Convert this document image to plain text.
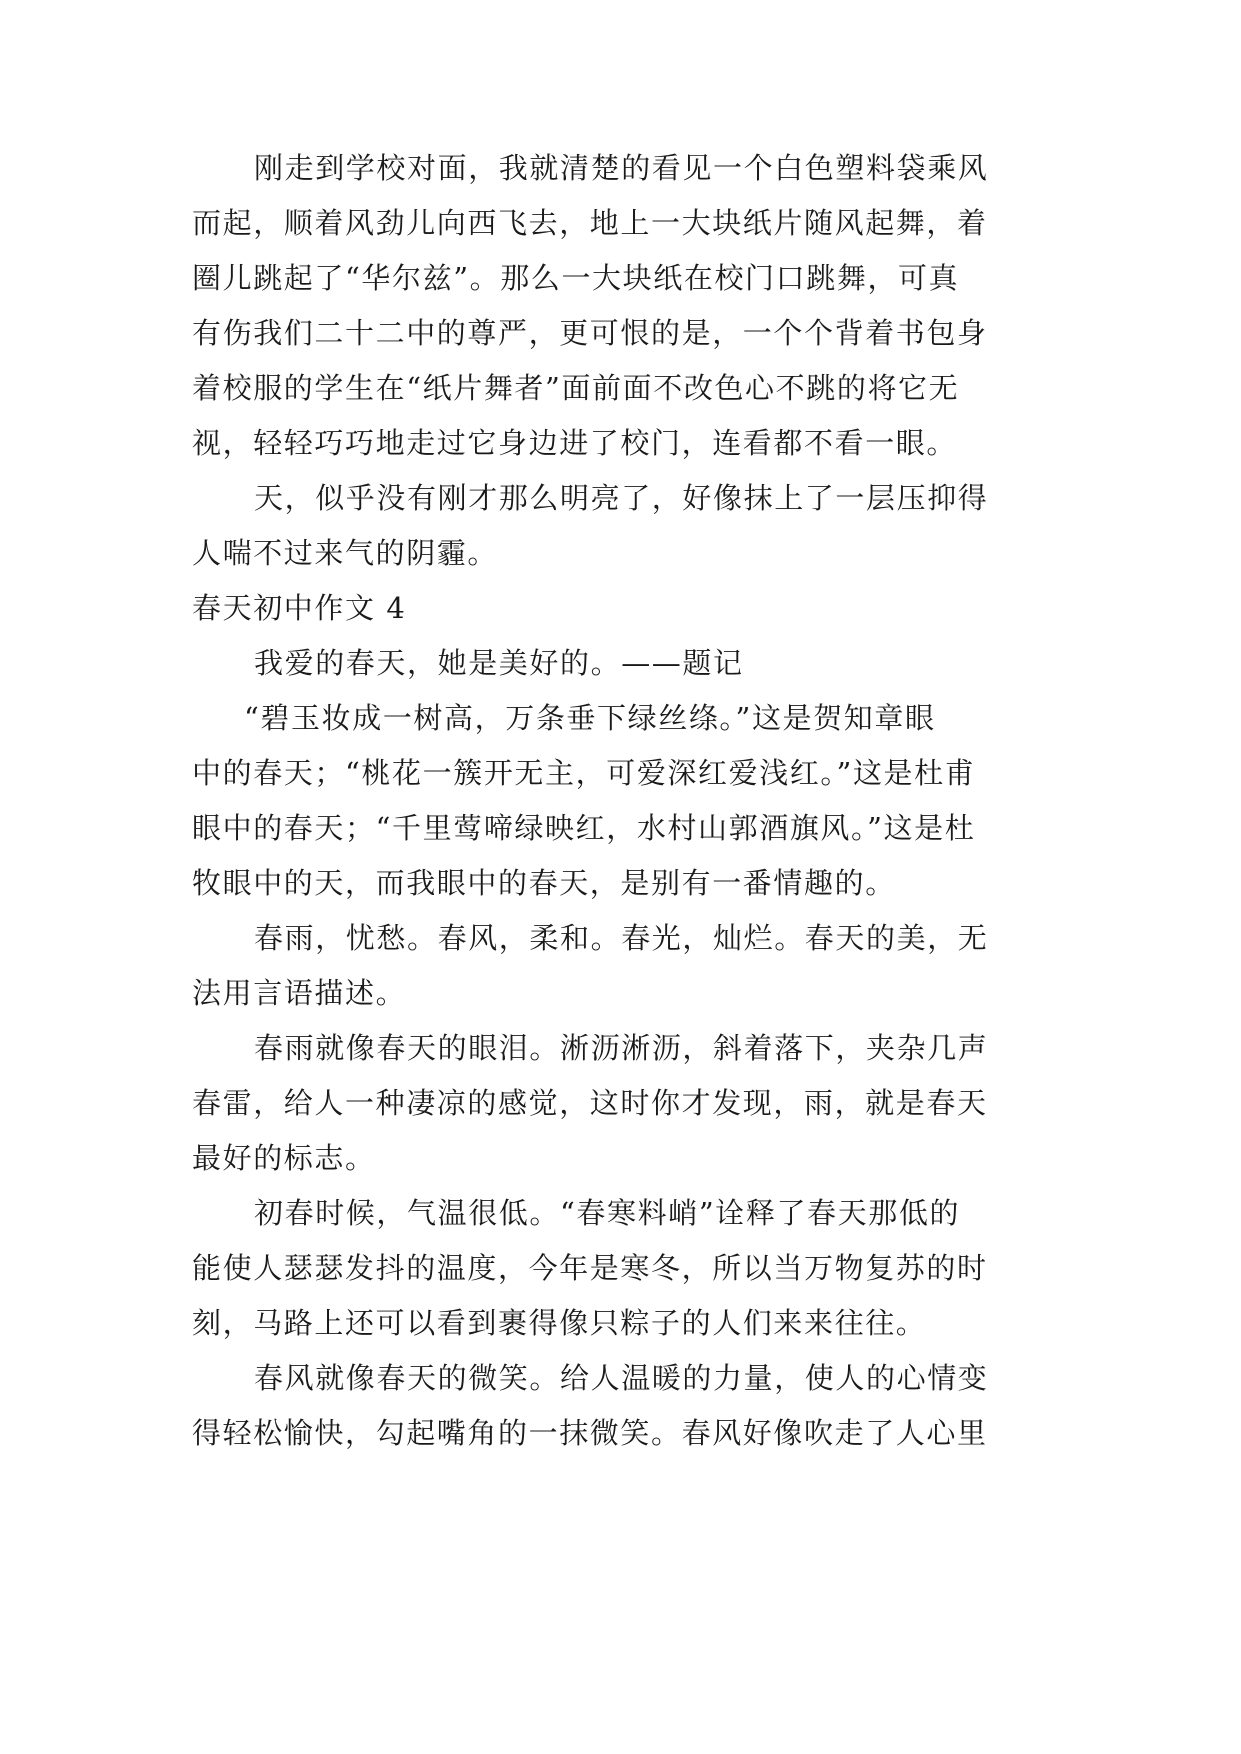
刚走到学校对面，我就清楚的看见一个白色塑料袋乘风
而起，顺着风劲儿向西飞去，地上一大块纸片随风起舞，着
圈儿跳起了“华尔兹”。那么一大块纸在校门口跳舞，可真
有伤我们二十二中的尊严，更可恨的是，一个个背着书包身
着校服的学生在“纸片舞者”面前面不改色心不跳的将它无
视，轻轻巧巧地走过它身边进了校门，连看都不看一眼。
天，似乎没有刚才那么明亮了，好像抹上了一层压抑得
人喘不过来气的阴霾。
春天初中作文 4
我爱的春天，她是美好的。——题记
“碧玉妆成一树高，万条垂下绿丝绦。”这是贺知章眼
中的春天；“桃花一簇开无主，可爱深红爱浅红。”这是杜甫
眼中的春天；“千里莺啼绿映红，水村山郭酒旗风。”这是杜
牧眼中的天，而我眼中的春天，是别有一番情趣的。
春雨，忧愁。春风，柔和。春光，灿烂。春天的美，无
法用言语描述。
春雨就像春天的眼泪。淅沥淅沥，斜着落下，夹杂几声
春雷，给人一种凄凉的感觉，这时你才发现，雨，就是春天
最好的标志。
初春时候，气温很低。“春寒料峭”诠释了春天那低的
能使人瑟瑟发抖的温度，今年是寒冬，所以当万物复苏的时
刻，马路上还可以看到裹得像只粽子的人们来来往往。
春风就像春天的微笑。给人温暖的力量，使人的心情变
得轻松愉快，勾起嘴角的一抹微笑。春风好像吹走了人心里
